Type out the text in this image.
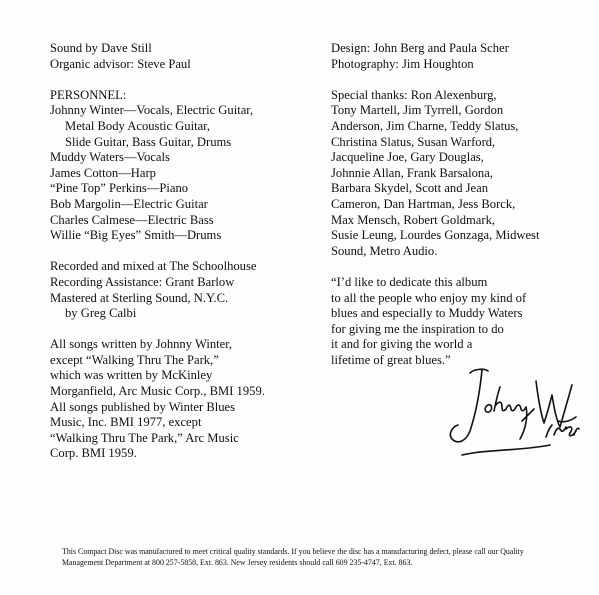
Sound by Dave Still
Organic advisor: Steve Paul
PERSONNEL:
Johnny Winter—Vocals, Electric Guitar,
Metal Body Acoustic Guitar,
Slide Guitar, Bass Guitar, Drums
Muddy Waters—Vocals
James Cotton—Harp
“Pine Top” Perkins—Piano
Bob Margolin—Electric Guitar
Charles Calmese—Electric Bass
Willie “Big Eyes” Smith—Drums
Recorded and mixed at The Schoolhouse
Recording Assistance: Grant Barlow
Mastered at Sterling Sound, N.Y.C.
by Greg Calbi
All songs written by Johnny Winter,
except “Walking Thru The Park,”
which was written by McKinley
Morganfield, Arc Music Corp., BMI 1959.
All songs published by Winter Blues
Music, Inc. BMI 1977, except
“Walking Thru The Park,” Arc Music
Corp. BMI 1959.
Design: John Berg and Paula Scher
Photography: Jim Houghton
Special thanks: Ron Alexenburg,
Tony Martell, Jim Tyrrell, Gordon
Anderson, Jim Charne, Teddy Slatus,
Christina Slatus, Susan Warford,
Jacqueline Joe, Gary Douglas,
Johnnie Allan, Frank Barsalona,
Barbara Skydel, Scott and Jean
Cameron, Dan Hartman, Jess Borck,
Max Mensch, Robert Goldmark,
Susie Leung, Lourdes Gonzaga, Midwest
Sound, Metro Audio.
“I’d like to dedicate this album
to all the people who enjoy my kind of
blues and especially to Muddy Waters
for giving me the inspiration to do
it and for giving the world a
lifetime of great blues.”
This Compact Disc was manufactured to meet critical quality standards. If you believe the disc has a manufacturing defect, please call our Quality
Management Department at 800 257-5858, Ext. 863. New Jersey residents should call 609 235-4747, Ext. 863.
